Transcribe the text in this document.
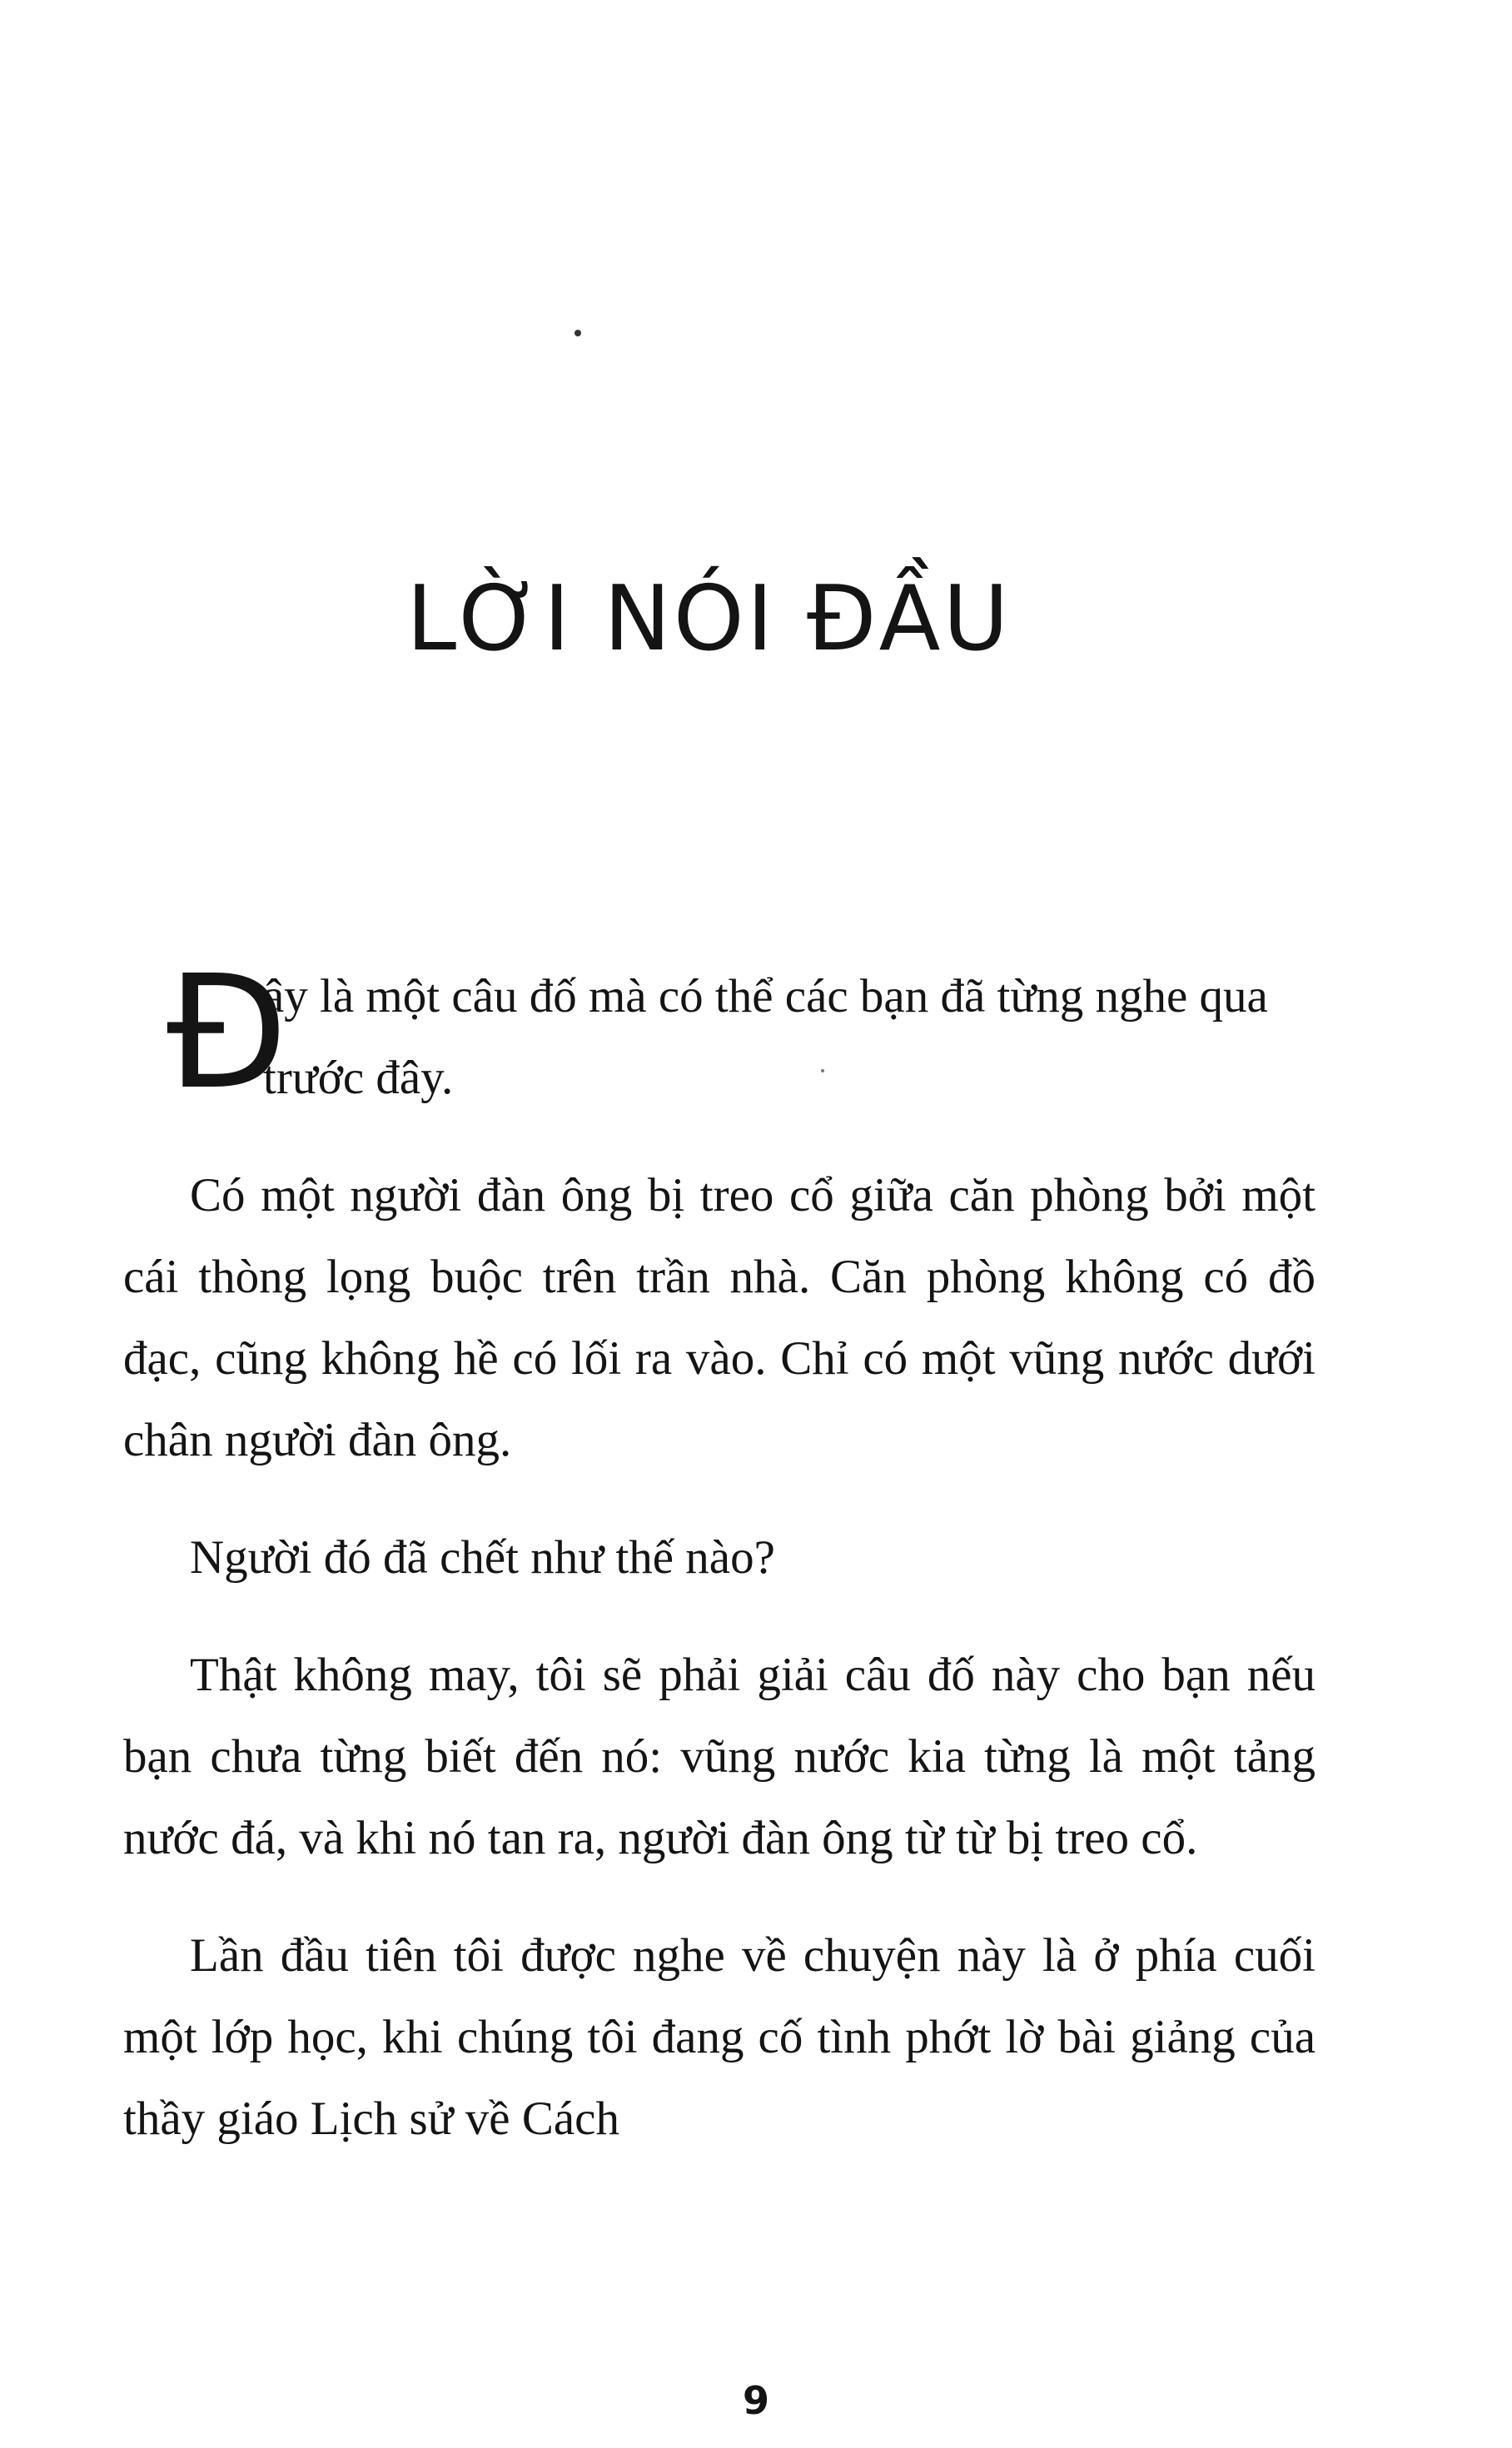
LỜI NÓI ĐẦU

Đ
ây là một câu đố mà có thể các bạn đã từng nghe qua trước đây.

Có một người đàn ông bị treo cổ giữa căn phòng bởi một cái thòng lọng buộc trên trần nhà. Căn phòng không có đồ đạc, cũng không hề có lối ra vào. Chỉ có một vũng nước dưới chân người đàn ông.

Người đó đã chết như thế nào?

Thật không may, tôi sẽ phải giải câu đố này cho bạn nếu bạn chưa từng biết đến nó: vũng nước kia từng là một tảng nước đá, và khi nó tan ra, người đàn ông từ từ bị treo cổ.

Lần đầu tiên tôi được nghe về chuyện này là ở phía cuối một lớp học, khi chúng tôi đang cố tình phớt lờ bài giảng của thầy giáo Lịch sử về Cách

9
